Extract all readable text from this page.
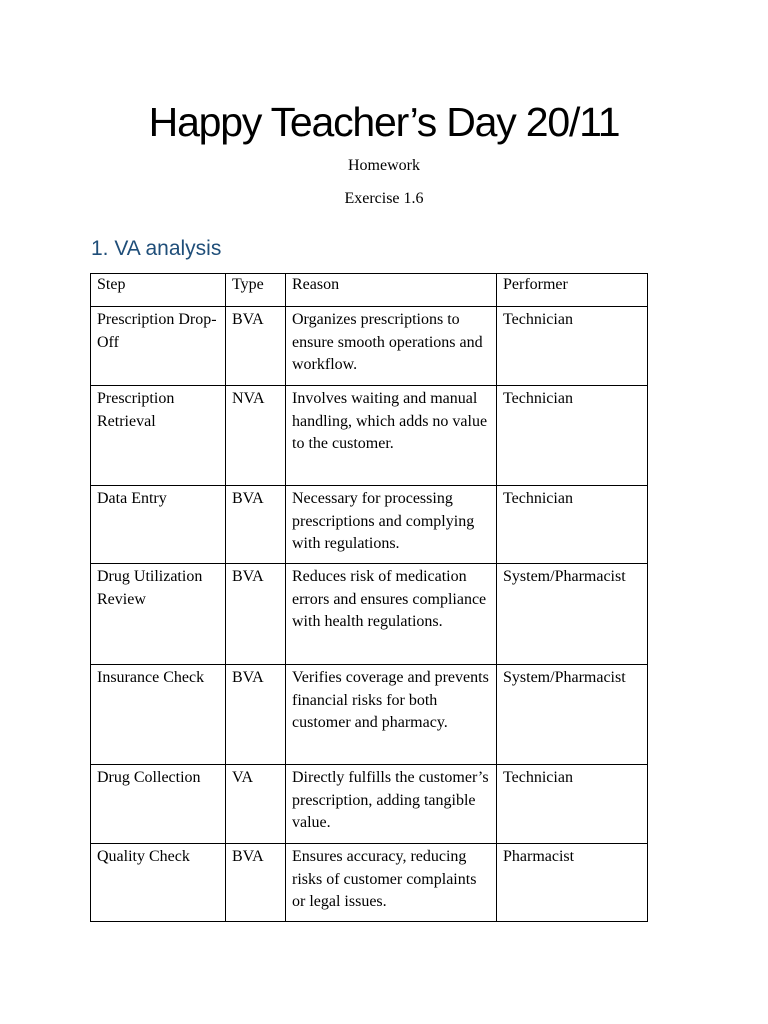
Happy Teacher’s Day 20/11
Homework
Exercise 1.6
1. VA analysis
Step	Type	Reason	Performer

Prescription Drop-Off	BVA	Organizes prescriptions to ensure smooth operations and workflow.	Technician

Prescription Retrieval	NVA	Involves waiting and manual handling, which adds no value to the customer.	Technician

Data Entry	BVA	Necessary for processing prescriptions and complying with regulations.	Technician

Drug Utilization Review	BVA	Reduces risk of medication errors and ensures compliance with health regulations.	System/Pharmacist

Insurance Check	BVA	Verifies coverage and prevents financial risks for both customer and pharmacy.	System/Pharmacist

Drug Collection	VA	Directly fulfills the customer’s prescription, adding tangible value.	Technician

Quality Check	BVA	Ensures accuracy, reducing risks of customer complaints or legal issues.	Pharmacist
